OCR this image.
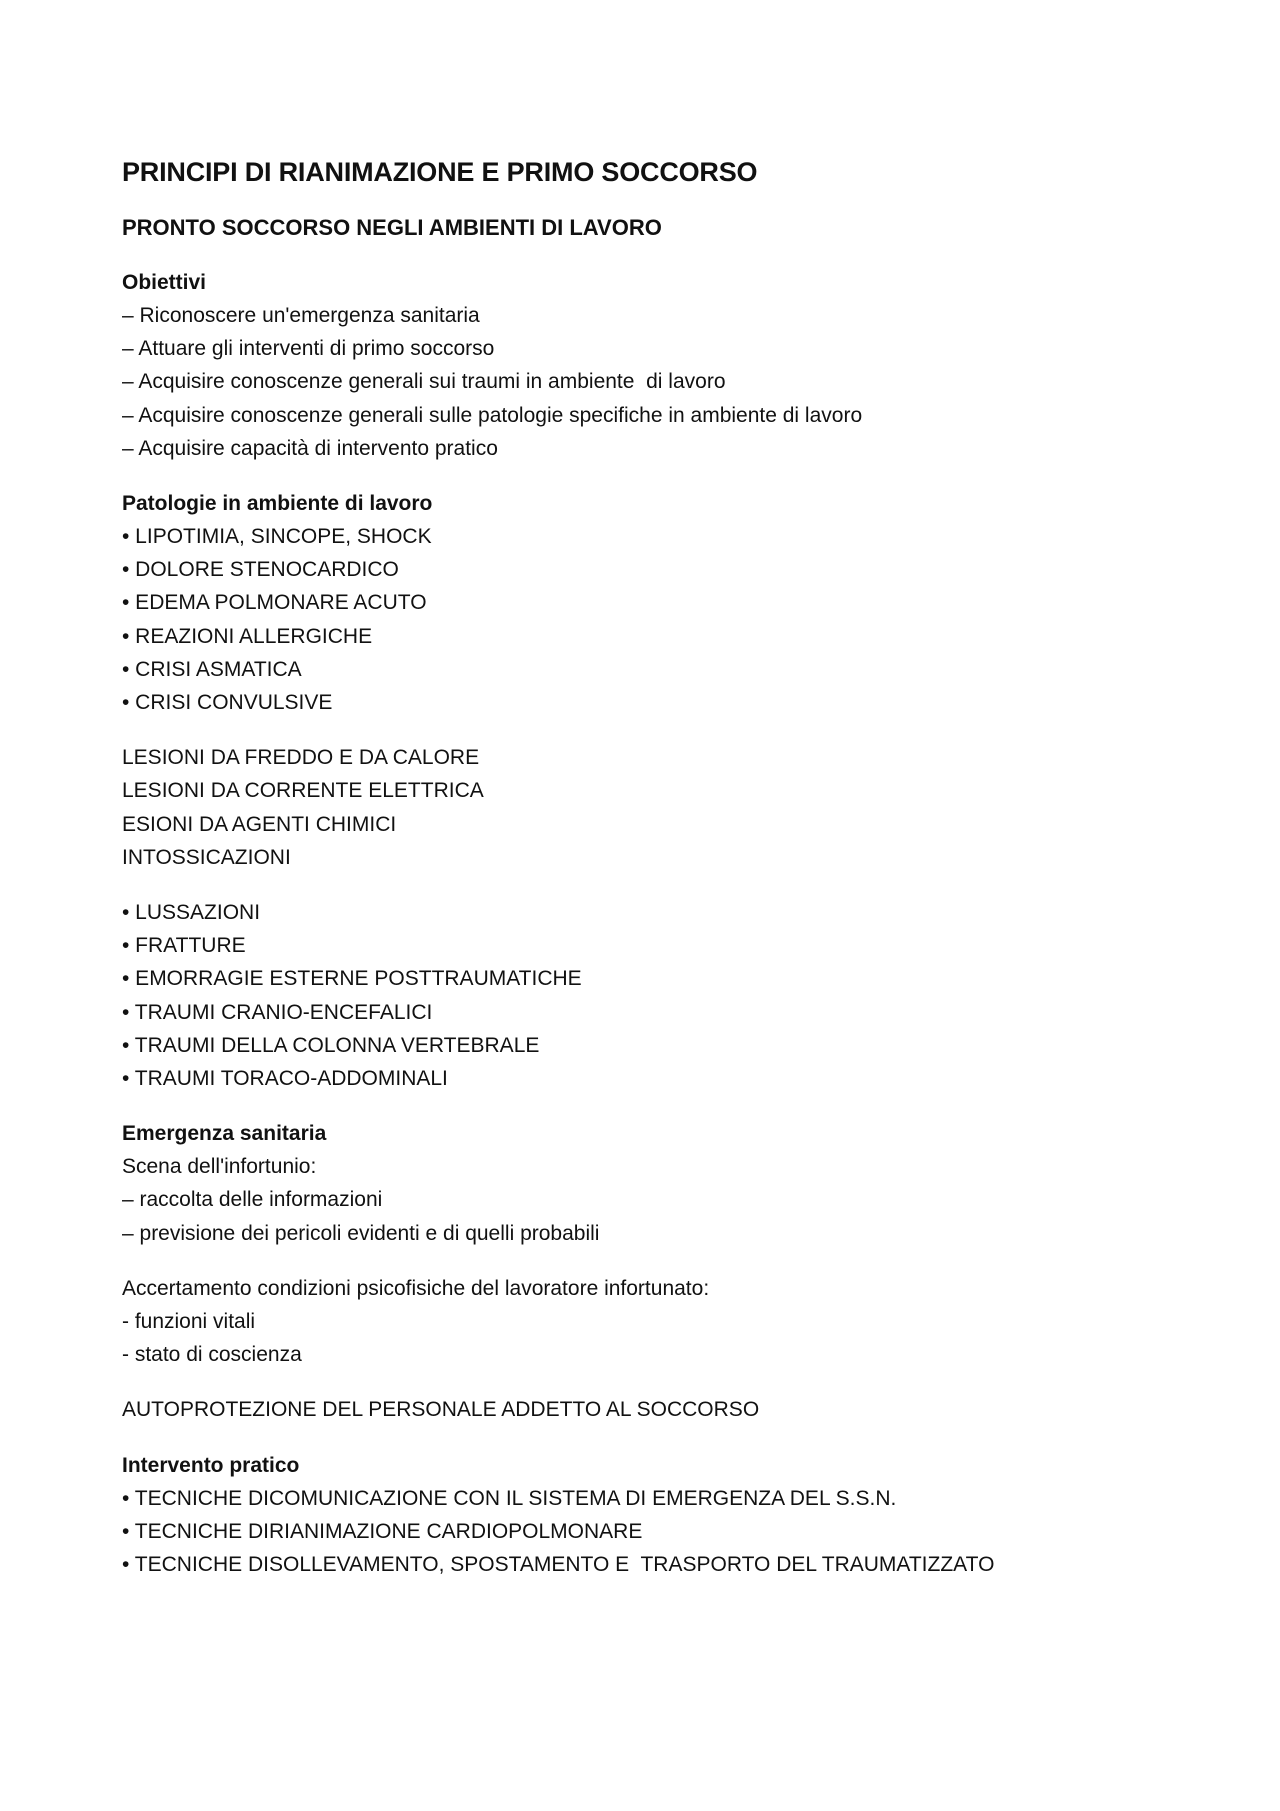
PRINCIPI DI RIANIMAZIONE E PRIMO SOCCORSO
PRONTO SOCCORSO NEGLI AMBIENTI DI LAVORO

Obiettivi

– Riconoscere un'emergenza sanitaria

– Attuare gli interventi di primo soccorso

– Acquisire conoscenze generali sui traumi in ambiente  di lavoro

– Acquisire conoscenze generali sulle patologie specifiche in ambiente di lavoro

– Acquisire capacità di intervento pratico

Patologie in ambiente di lavoro

• LIPOTIMIA, SINCOPE, SHOCK

• DOLORE STENOCARDICO

• EDEMA POLMONARE ACUTO

• REAZIONI ALLERGICHE

• CRISI ASMATICA

• CRISI CONVULSIVE

LESIONI DA FREDDO E DA CALORE

LESIONI DA CORRENTE ELETTRICA

ESIONI DA AGENTI CHIMICI

INTOSSICAZIONI

• LUSSAZIONI

• FRATTURE

• EMORRAGIE ESTERNE POSTTRAUMATICHE

• TRAUMI CRANIO-ENCEFALICI

• TRAUMI DELLA COLONNA VERTEBRALE

• TRAUMI TORACO-ADDOMINALI

Emergenza sanitaria

Scena dell'infortunio:

– raccolta delle informazioni

– previsione dei pericoli evidenti e di quelli probabili

Accertamento condizioni psicofisiche del lavoratore infortunato:

- funzioni vitali

- stato di coscienza

AUTOPROTEZIONE DEL PERSONALE ADDETTO AL SOCCORSO

Intervento pratico

• TECNICHE DICOMUNICAZIONE CON IL SISTEMA DI EMERGENZA DEL S.S.N.

• TECNICHE DIRIANIMAZIONE CARDIOPOLMONARE

• TECNICHE DISOLLEVAMENTO, SPOSTAMENTO E  TRASPORTO DEL TRAUMATIZZATO
